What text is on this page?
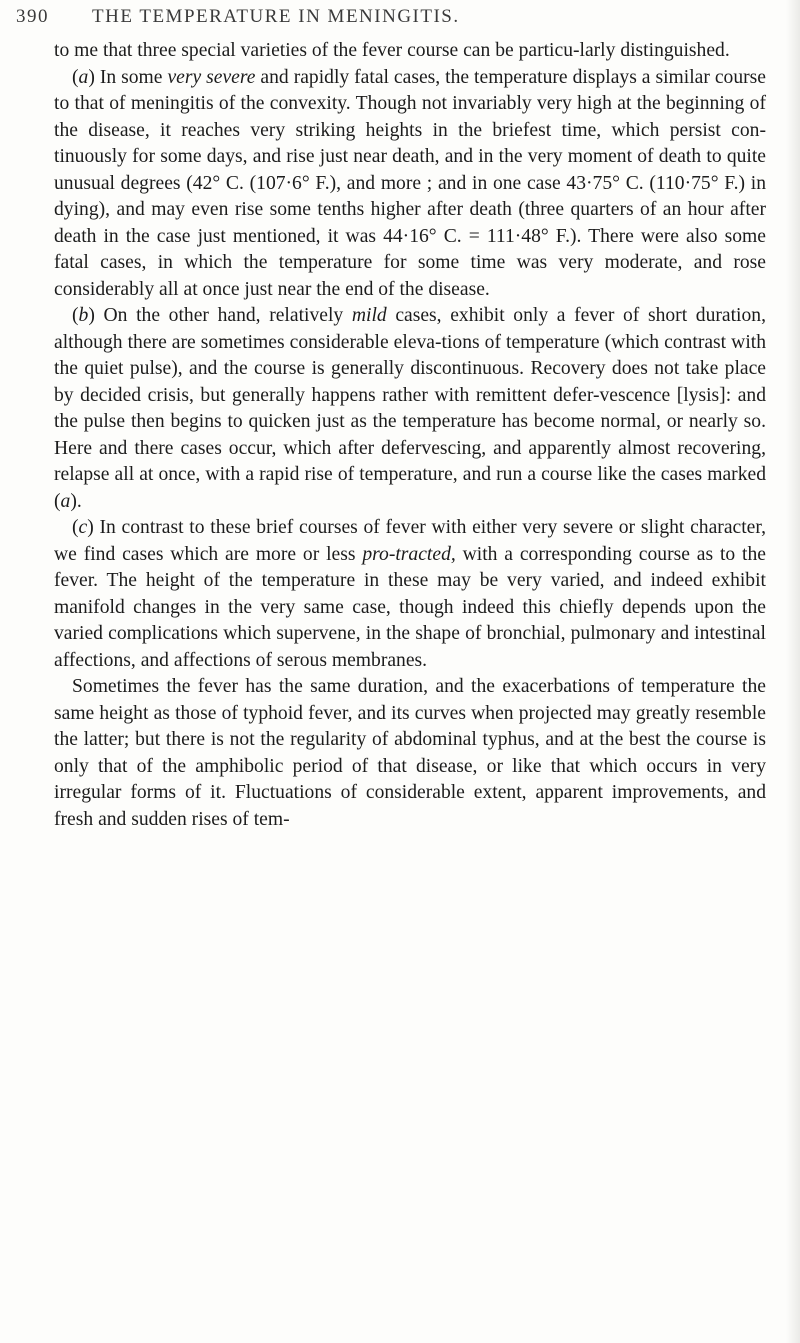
390 THE TEMPERATURE IN MENINGITIS.

to me that three special varieties of the fever course can be particu-larly distinguished.

(a) In some very severe and rapidly fatal cases, the temperature displays a similar course to that of meningitis of the convexity. Though not invariably very high at the beginning of the disease, it reaches very striking heights in the briefest time, which persist con-tinuously for some days, and rise just near death, and in the very moment of death to quite unusual degrees (42° C. (107·6° F.), and more ; and in one case 43·75° C. (110·75° F.) in dying), and may even rise some tenths higher after death (three quarters of an hour after death in the case just mentioned, it was 44·16° C. = 111·48° F.). There were also some fatal cases, in which the temperature for some time was very moderate, and rose considerably all at once just near the end of the disease.

(b) On the other hand, relatively mild cases, exhibit only a fever of short duration, although there are sometimes considerable eleva-tions of temperature (which contrast with the quiet pulse), and the course is generally discontinuous. Recovery does not take place by decided crisis, but generally happens rather with remittent defer-vescence [lysis]: and the pulse then begins to quicken just as the temperature has become normal, or nearly so. Here and there cases occur, which after defervescing, and apparently almost recovering, relapse all at once, with a rapid rise of temperature, and run a course like the cases marked (a).

(c) In contrast to these brief courses of fever with either very severe or slight character, we find cases which are more or less pro-tracted, with a corresponding course as to the fever. The height of the temperature in these may be very varied, and indeed exhibit manifold changes in the very same case, though indeed this chiefly depends upon the varied complications which supervene, in the shape of bronchial, pulmonary and intestinal affections, and affections of serous membranes.

Sometimes the fever has the same duration, and the exacerbations of temperature the same height as those of typhoid fever, and its curves when projected may greatly resemble the latter; but there is not the regularity of abdominal typhus, and at the best the course is only that of the amphibolic period of that disease, or like that which occurs in very irregular forms of it. Fluctuations of considerable extent, apparent improvements, and fresh and sudden rises of tem-
